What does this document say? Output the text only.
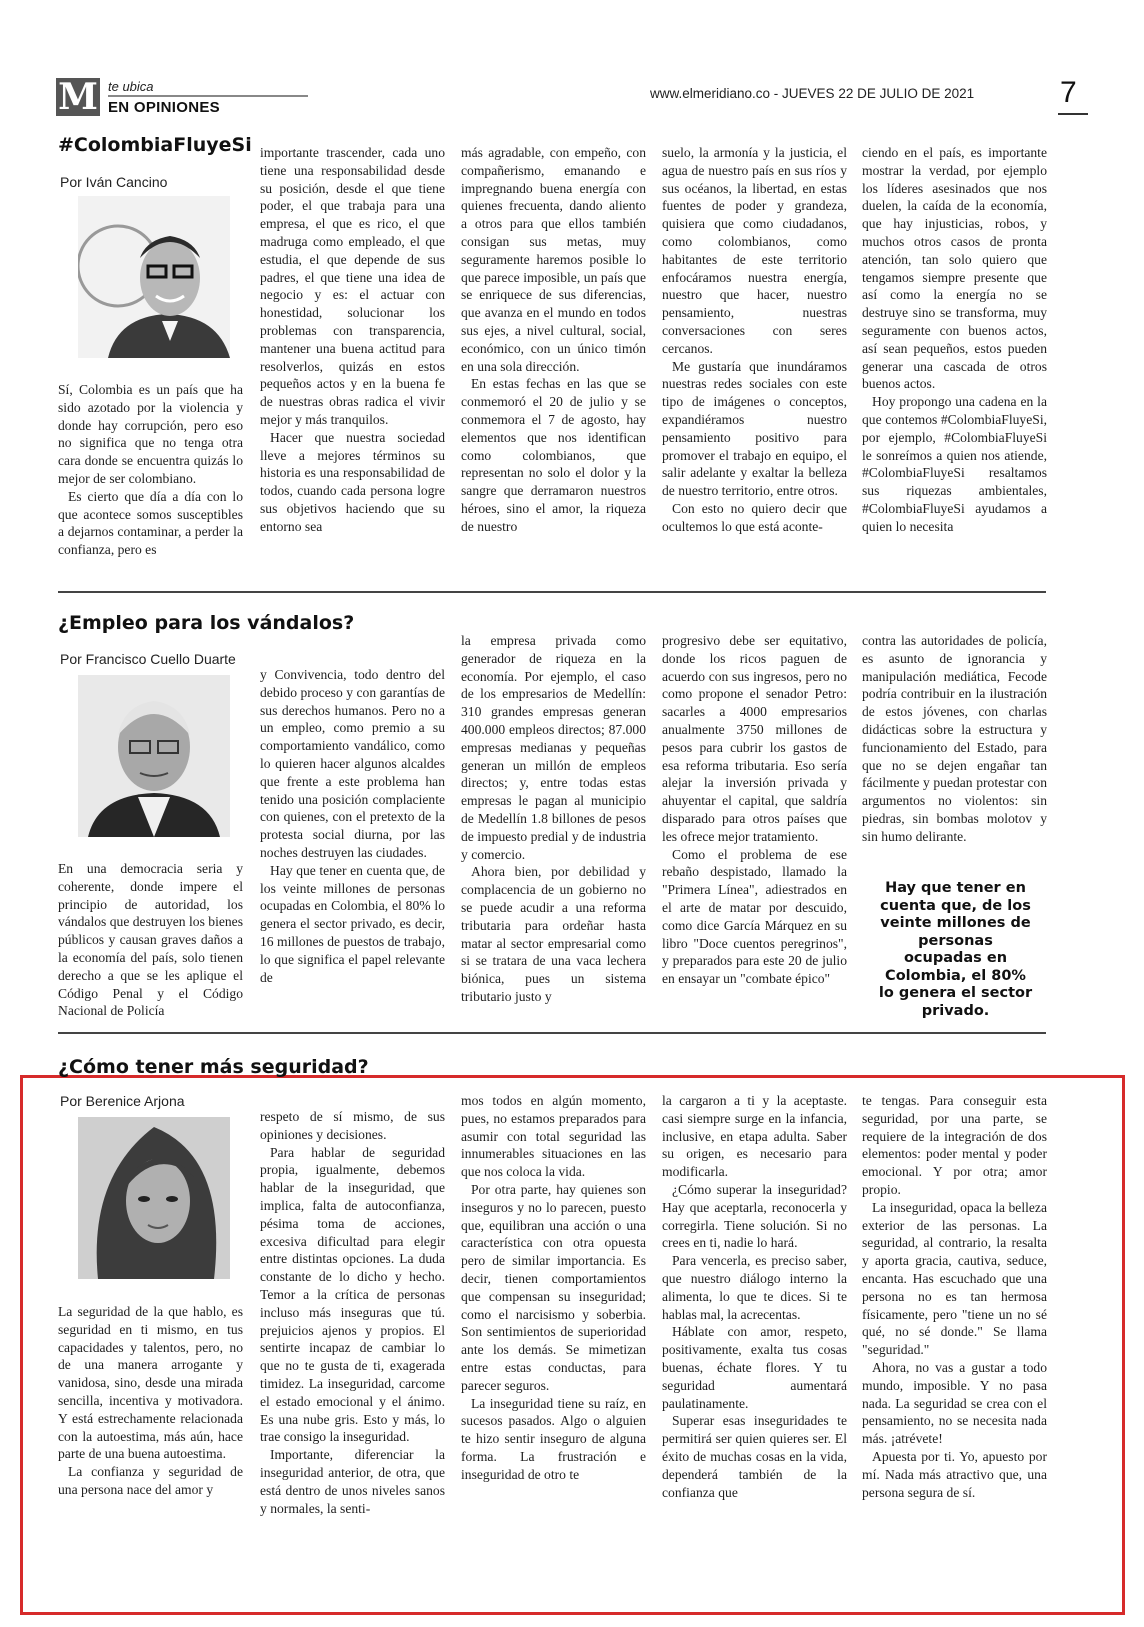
M te ubica
EN OPINIONES
www.elmeridiano.co - JUEVES 22 DE JULIO DE 2021	7
#ColombiaFluyeSi
Por Iván Cancino

Sí, Colombia es un país que ha sido azotado por la violencia y donde hay corrupción, pero eso no significa que no tenga otra cara donde se encuentra quizás lo mejor de ser colombiano.

Es cierto que día a día con lo que acontece somos susceptibles a dejarnos contaminar, a perder la confianza, pero es

importante trascender, cada uno tiene una responsabilidad desde su posición, desde el que tiene poder, el que trabaja para una empresa, el que es rico, el que madruga como empleado, el que estudia, el que depende de sus padres, el que tiene una idea de negocio y es: el actuar con honestidad, solucionar los problemas con transparencia, mantener una buena actitud para resolverlos, quizás en estos pequeños actos y en la buena fe de nuestras obras radica el vivir mejor y más tranquilos.

Hacer que nuestra sociedad lleve a mejores términos su historia es una responsabilidad de todos, cuando cada persona logre sus objetivos haciendo que su entorno sea

más agradable, con empeño, con compañerismo, emanando e impregnando buena energía con quienes frecuenta, dando aliento a otros para que ellos también consigan sus metas, muy seguramente haremos posible lo que parece imposible, un país que se enriquece de sus diferencias, que avanza en el mundo en todos sus ejes, a nivel cultural, social, económico, con un único timón en una sola dirección.

En estas fechas en las que se conmemoró el 20 de julio y se conmemora el 7 de agosto, hay elementos que nos identifican como colombianos, que representan no solo el dolor y la sangre que derramaron nuestros héroes, sino el amor, la riqueza de nuestro

suelo, la armonía y la justicia, el agua de nuestro país en sus ríos y sus océanos, la libertad, en estas fuentes de poder y grandeza, quisiera que como ciudadanos, como colombianos, como habitantes de este territorio enfocáramos nuestra energía, nuestro que hacer, nuestro pensamiento, nuestras conversaciones con seres cercanos.

Me gustaría que inundáramos nuestras redes sociales con este tipo de imágenes o conceptos, expandiéramos nuestro pensamiento positivo para promover el trabajo en equipo, el salir adelante y exaltar la belleza de nuestro territorio, entre otros.

Con esto no quiero decir que ocultemos lo que está aconte-

ciendo en el país, es importante mostrar la verdad, por ejemplo los líderes asesinados que nos duelen, la caída de la economía, que hay injusticias, robos, y muchos otros casos de pronta atención, tan solo quiero que tengamos siempre presente que así como la energía no se destruye sino se transforma, muy seguramente con buenos actos, así sean pequeños, estos pueden generar una cascada de otros buenos actos.

Hoy propongo una cadena en la que contemos #ColombiaFluyeSi, por ejemplo, #ColombiaFluyeSi le sonreímos a quien nos atiende, #ColombiaFluyeSi resaltamos sus riquezas ambientales, #ColombiaFluyeSi ayudamos a quien lo necesita

¿Empleo para los vándalos?
Por Francisco Cuello Duarte

En una democracia seria y coherente, donde impere el principio de autoridad, los vándalos que destruyen los bienes públicos y causan graves daños a la economía del país, solo tienen derecho a que se les aplique el Código Penal y el Código Nacional de Policía

y Convivencia, todo dentro del debido proceso y con garantías de sus derechos humanos. Pero no a un empleo, como premio a su comportamiento vandálico, como lo quieren hacer algunos alcaldes que frente a este problema han tenido una posición complaciente con quienes, con el pretexto de la protesta social diurna, por las noches destruyen las ciudades.

Hay que tener en cuenta que, de los veinte millones de personas ocupadas en Colombia, el 80% lo genera el sector privado, es decir, 16 millones de puestos de trabajo, lo que significa el papel relevante de

la empresa privada como generador de riqueza en la economía. Por ejemplo, el caso de los empresarios de Medellín: 310 grandes empresas generan 400.000 empleos directos; 87.000 empresas medianas y pequeñas generan un millón de empleos directos; y, entre todas estas empresas le pagan al municipio de Medellín 1.8 billones de pesos de impuesto predial y de industria y comercio.

Ahora bien, por debilidad y complacencia de un gobierno no se puede acudir a una reforma tributaria para ordeñar hasta matar al sector empresarial como si se tratara de una vaca lechera biónica, pues un sistema tributario justo y

progresivo debe ser equitativo, donde los ricos paguen de acuerdo con sus ingresos, pero no como propone el senador Petro: sacarles a 4000 empresarios anualmente 3750 millones de pesos para cubrir los gastos de esa reforma tributaria. Eso sería alejar la inversión privada y ahuyentar el capital, que saldría disparado para otros países que les ofrece mejor tratamiento.

Como el problema de ese rebaño despistado, llamado la "Primera Línea", adiestrados en el arte de matar por descuido, como dice García Márquez en su libro "Doce cuentos peregrinos", y preparados para este 20 de julio en ensayar un "combate épico"

contra las autoridades de policía, es asunto de ignorancia y manipulación mediática, Fecode podría contribuir en la ilustración de estos jóvenes, con charlas didácticas sobre la estructura y funcionamiento del Estado, para que no se dejen engañar tan fácilmente y puedan protestar con argumentos no violentos: sin piedras, sin bombas molotov y sin humo delirante.

Hay que tener en cuenta que, de los veinte millones de personas ocupadas en Colombia, el 80% lo genera el sector privado.
¿Cómo tener más seguridad?
Por Berenice Arjona

La seguridad de la que hablo, es seguridad en ti mismo, en tus capacidades y talentos, pero, no de una manera arrogante y vanidosa, sino, desde una mirada sencilla, incentiva y motivadora. Y está estrechamente relacionada con la autoestima, más aún, hace parte de una buena autoestima.

La confianza y seguridad de una persona nace del amor y

respeto de sí mismo, de sus opiniones y decisiones.

Para hablar de seguridad propia, igualmente, debemos hablar de la inseguridad, que implica, falta de autoconfianza, pésima toma de acciones, excesiva dificultad para elegir entre distintas opciones. La duda constante de lo dicho y hecho. Temor a la crítica de personas incluso más inseguras que tú. prejuicios ajenos y propios. El sentirte incapaz de cambiar lo que no te gusta de ti, exagerada timidez. La inseguridad, carcome el estado emocional y el ánimo. Es una nube gris. Esto y más, lo trae consigo la inseguridad.

Importante, diferenciar la inseguridad anterior, de otra, que está dentro de unos niveles sanos y normales, la senti-

mos todos en algún momento, pues, no estamos preparados para asumir con total seguridad las innumerables situaciones en las que nos coloca la vida.

Por otra parte, hay quienes son inseguros y no lo parecen, puesto que, equilibran una acción o una característica con otra opuesta pero de similar importancia. Es decir, tienen comportamientos que compensan su inseguridad; como el narcisismo y soberbia. Son sentimientos de superioridad ante los demás. Se mimetizan entre estas conductas, para parecer seguros.

La inseguridad tiene su raíz, en sucesos pasados. Algo o alguien te hizo sentir inseguro de alguna forma. La frustración e inseguridad de otro te

la cargaron a ti y la aceptaste. casi siempre surge en la infancia, inclusive, en etapa adulta. Saber su origen, es necesario para modificarla.

¿Cómo superar la inseguridad? Hay que aceptarla, reconocerla y corregirla. Tiene solución. Si no crees en ti, nadie lo hará.

Para vencerla, es preciso saber, que nuestro diálogo interno la alimenta, lo que te dices. Si te hablas mal, la acrecentas.

Háblate con amor, respeto, positivamente, exalta tus cosas buenas, échate flores. Y tu seguridad aumentará paulatinamente.

Superar esas inseguridades te permitirá ser quien quieres ser. El éxito de muchas cosas en la vida, dependerá también de la confianza que

te tengas. Para conseguir esta seguridad, por una parte, se requiere de la integración de dos elementos: poder mental y poder emocional. Y por otra; amor propio.

La inseguridad, opaca la belleza exterior de las personas. La seguridad, al contrario, la resalta y aporta gracia, cautiva, seduce, encanta. Has escuchado que una persona no es tan hermosa físicamente, pero "tiene un no sé qué, no sé donde." Se llama "seguridad."

Ahora, no vas a gustar a todo mundo, imposible. Y no pasa nada. La seguridad se crea con el pensamiento, no se necesita nada más. ¡atrévete!

Apuesta por ti. Yo, apuesto por mí. Nada más atractivo que, una persona segura de sí.
